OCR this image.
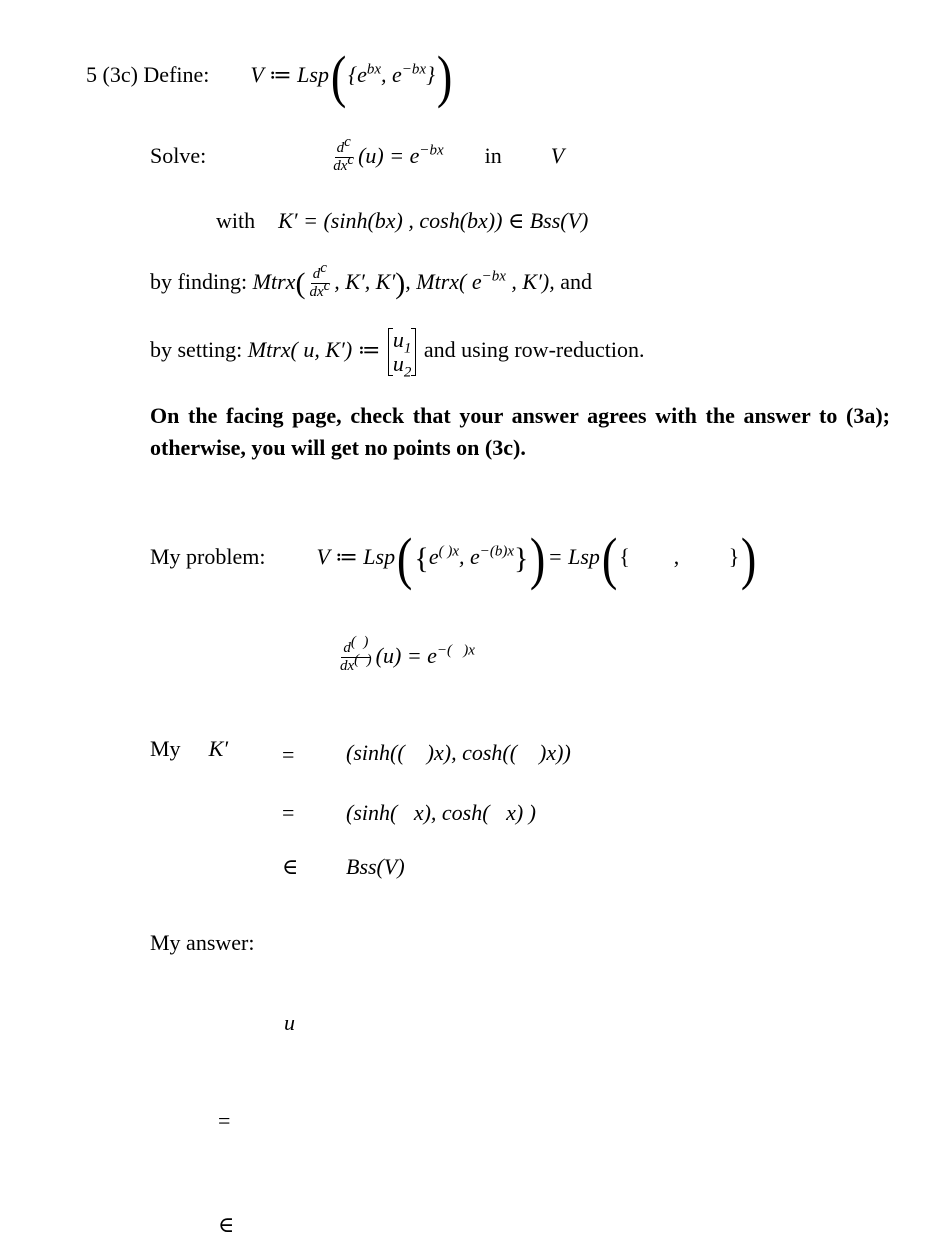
5 (3c) Define: V ≔ $Lsp(\{e^{bx}$, $e^{-bx}$})
Solve:	$\frac{d^c}{dx^c} (u) = e^{-bx}$ in V
with K′ = (sinh(bx) , cosh(bx)) ∈ Bss(V)
by finding: Mtrx( $\frac{d^c}{dx^c}$ , K′, K′), Mtrx( $e^{-bx}$ , K′), and
by setting: Mtrx( u, K′) ≔ $u_1$
$u_2$
and using row-reduction.
On the facing page, check that your answer agrees with the answer to (3a); otherwise, you will get no points on (3c).
My problem: V ≔ $Lsp(\{e^{( )x}$, $e^{-(b)x}\})= Lsp$({        ,         })
$\frac{d^{( )}}{dx^{( )}} (u) = e^{-( )x}$
My K′ = (sinh((    )x), cosh((    )x))
= (sinh(   x), cosh(   x) )
∈ Bss(V)
My answer:
u
=
∈
